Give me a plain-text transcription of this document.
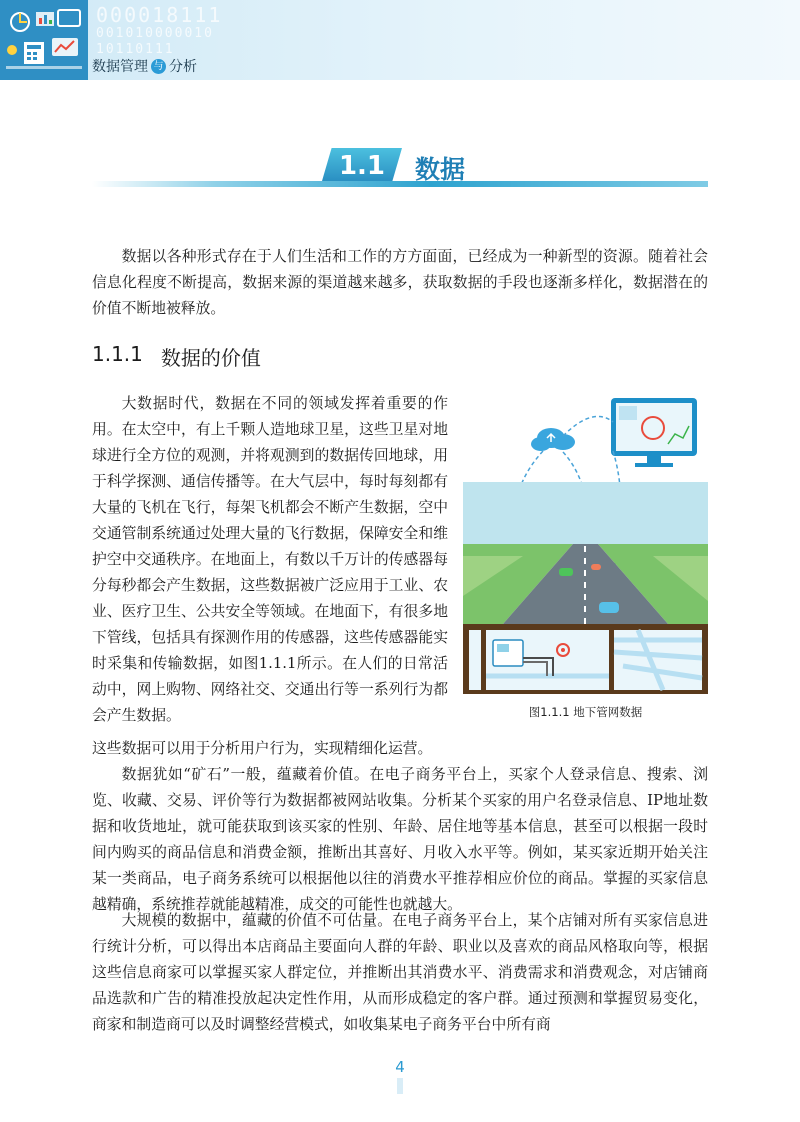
000018111
001010000010
10110111
数据管理 与 分析
1.1	数据

数据以各种形式存在于人们生活和工作的方方面面，已经成为一种新型的资源。随着社会信息化程度不断提高，数据来源的渠道越来越多，获取数据的手段也逐渐多样化，数据潜在的价值不断地被释放。

1.1.1 数据的价值

大数据时代，数据在不同的领域发挥着重要的作用。在太空中，有上千颗人造地球卫星，这些卫星对地球进行全方位的观测，并将观测到的数据传回地球，用于科学探测、通信传播等。在大气层中，每时每刻都有大量的飞机在飞行，每架飞机都会不断产生数据，空中交通管制系统通过处理大量的飞行数据，保障安全和维护空中交通秩序。在地面上，有数以千万计的传感器每分每秒都会产生数据，这些数据被广泛应用于工业、农业、医疗卫生、公共安全等领域。在地面下，有很多地下管线，包括具有探测作用的传感器，这些传感器能实时采集和传输数据，如图1.1.1所示。在人们的日常活动中，网上购物、网络社交、交通出行等一系列行为都会产生数据。

这些数据可以用于分析用户行为，实现精细化运营。

图1.1.1 地下管网数据

数据犹如“矿石”一般，蕴藏着价值。在电子商务平台上，买家个人登录信息、搜索、浏览、收藏、交易、评价等行为数据都被网站收集。分析某个买家的用户名登录信息、IP地址数据和收货地址，就可能获取到该买家的性别、年龄、居住地等基本信息，甚至可以根据一段时间内购买的商品信息和消费金额，推断出其喜好、月收入水平等。例如，某买家近期开始关注某一类商品，电子商务系统可以根据他以往的消费水平推荐相应价位的商品。掌握的买家信息越精确，系统推荐就能越精准，成交的可能性也就越大。

大规模的数据中，蕴藏的价值不可估量。在电子商务平台上，某个店铺对所有买家信息进行统计分析，可以得出本店商品主要面向人群的年龄、职业以及喜欢的商品风格取向等，根据这些信息商家可以掌握买家人群定位，并推断出其消费水平、消费需求和消费观念，对店铺商品选款和广告的精准投放起决定性作用，从而形成稳定的客户群。通过预测和掌握贸易变化，商家和制造商可以及时调整经营模式，如收集某电子商务平台中所有商

4
